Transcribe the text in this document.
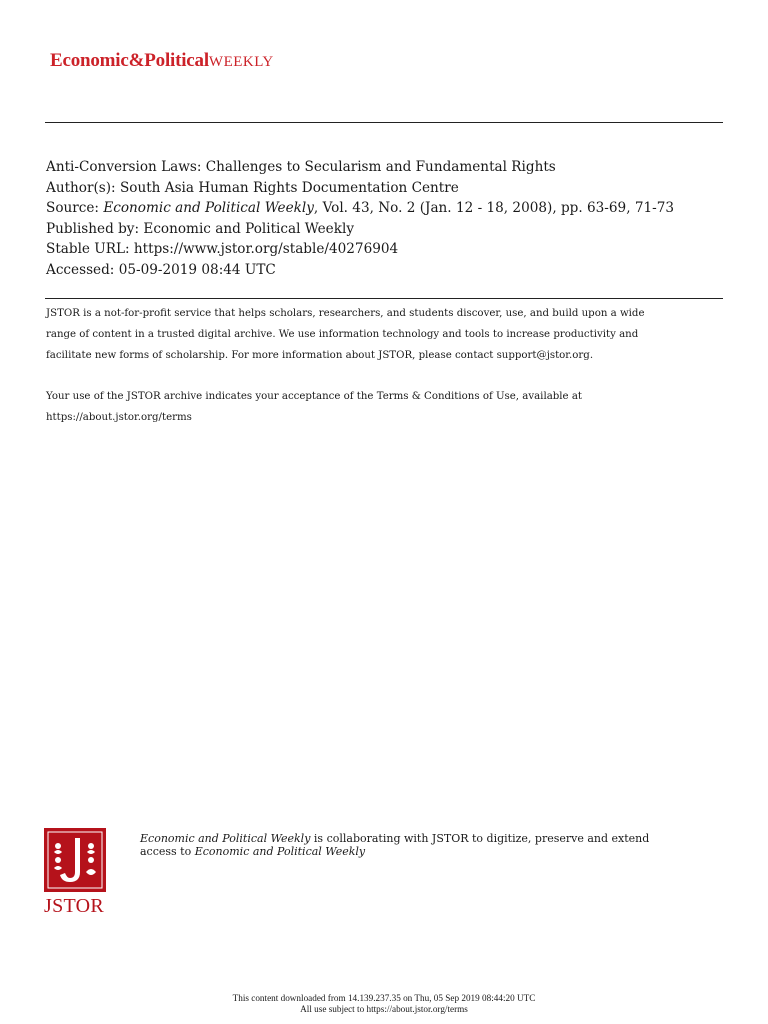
Economic&PoliticalWEEKLY
Anti-Conversion Laws: Challenges to Secularism and Fundamental Rights
Author(s): South Asia Human Rights Documentation Centre
Source: Economic and Political Weekly, Vol. 43, No. 2 (Jan. 12 - 18, 2008), pp. 63-69, 71-73
Published by: Economic and Political Weekly
Stable URL: https://www.jstor.org/stable/40276904
Accessed: 05-09-2019 08:44 UTC

JSTOR is a not-for-profit service that helps scholars, researchers, and students discover, use, and build upon a wide

range of content in a trusted digital archive. We use information technology and tools to increase productivity and

facilitate new forms of scholarship. For more information about JSTOR, please contact support@jstor.org.

Your use of the JSTOR archive indicates your acceptance of the Terms & Conditions of Use, available at

https://about.jstor.org/terms

JSTOR
Economic and Political Weekly is collaborating with JSTOR to digitize, preserve and extend
access to Economic and Political Weekly
This content downloaded from 14.139.237.35 on Thu, 05 Sep 2019 08:44:20 UTC
All use subject to https://about.jstor.org/terms
